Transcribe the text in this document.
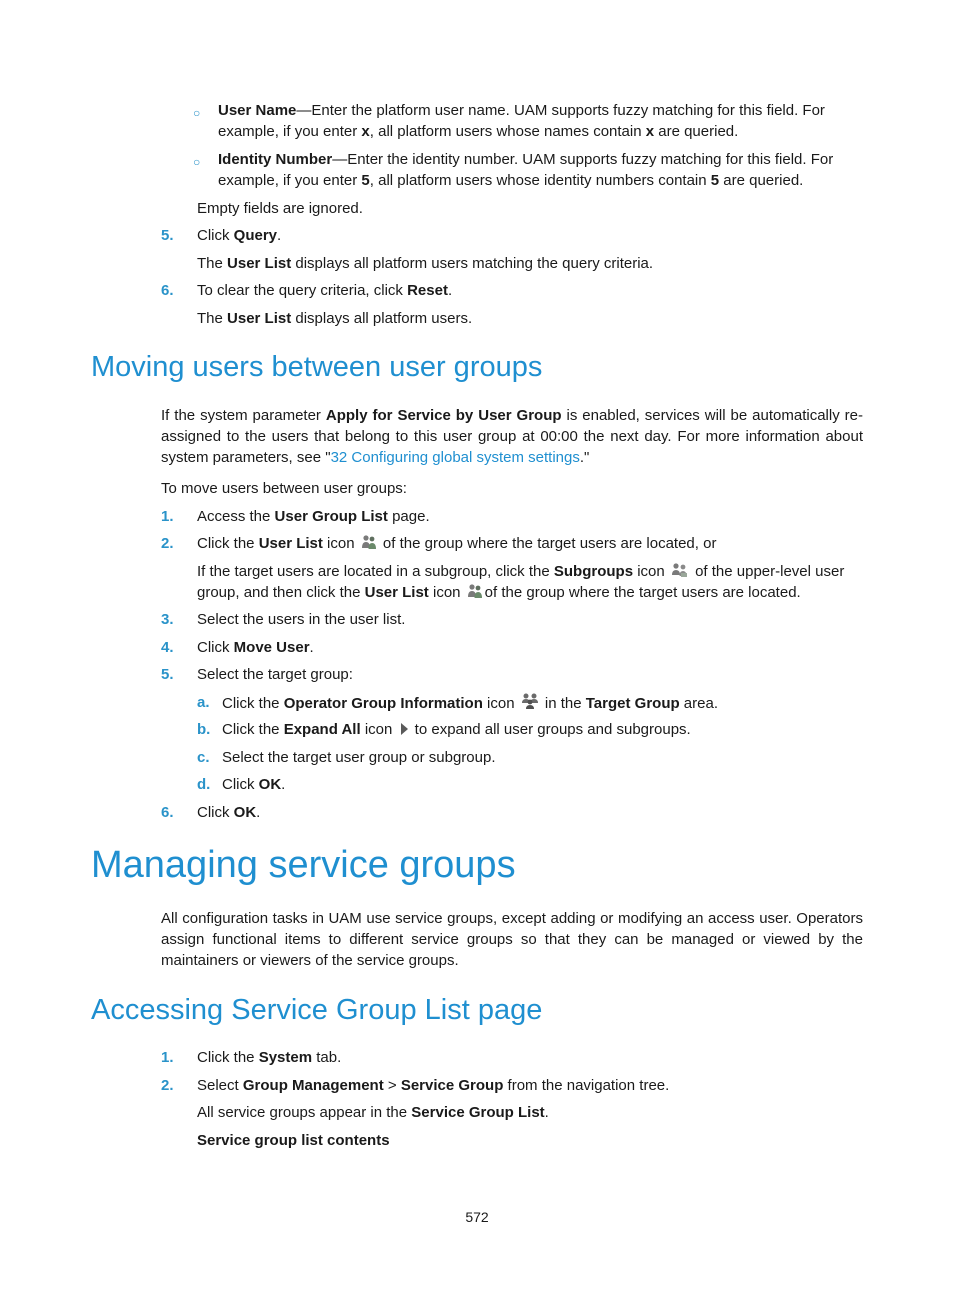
○ User Name—Enter the platform user name. UAM supports fuzzy matching for this field. For
example, if you enter x, all platform users whose names contain x are queried.
○ Identity Number—Enter the identity number. UAM supports fuzzy matching for this field. For
example, if you enter 5, all platform users whose identity numbers contain 5 are queried.
Empty fields are ignored.
5. Click Query.
The User List displays all platform users matching the query criteria.
6. To clear the query criteria, click Reset.
The User List displays all platform users.
Moving users between user groups
If the system parameter Apply for Service by User Group is enabled, services will be automatically re-assigned to the users that belong to this user group at 00:00 the next day. For more information about system parameters, see "32 Configuring global system settings."
To move users between user groups:
1. Access the User Group List page.
2. Click the User List icon  of the group where the target users are located, or
If the target users are located in a subgroup, click the Subgroups icon  of the upper-level user
group, and then click the User List icon of the group where the target users are located.
3. Select the users in the user list.
4. Click Move User.
5. Select the target group:
a. Click the Operator Group Information icon  in the Target Group area.
b. Click the Expand All icon  to expand all user groups and subgroups.
c. Select the target user group or subgroup.
d. Click OK.
6. Click OK.
Managing service groups
All configuration tasks in UAM use service groups, except adding or modifying an access user. Operators assign functional items to different service groups so that they can be managed or viewed by the maintainers or viewers of the service groups.
Accessing Service Group List page
1. Click the System tab.
2. Select Group Management > Service Group from the navigation tree.
All service groups appear in the Service Group List.
Service group list contents
572
